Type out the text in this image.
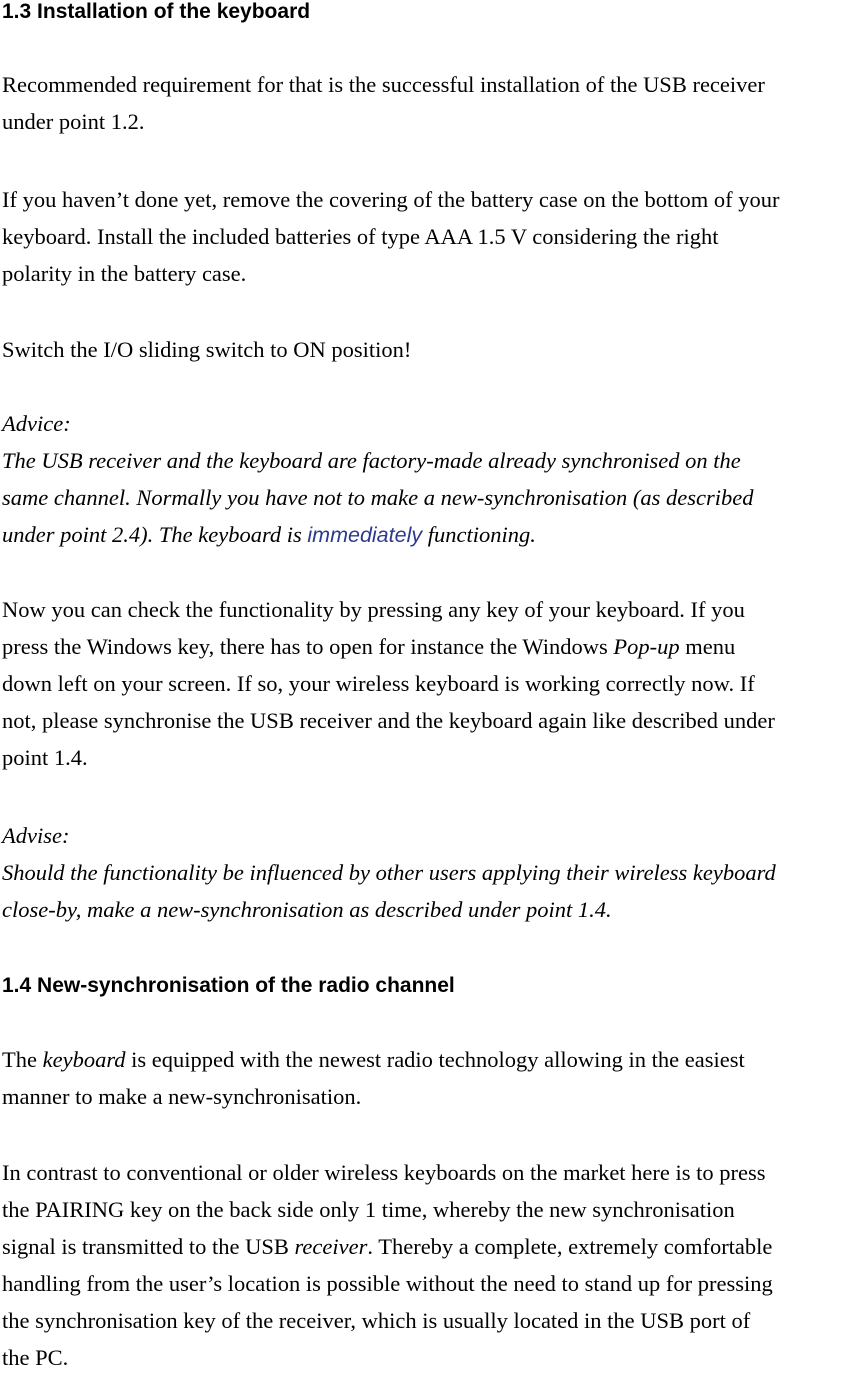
1.3 Installation of the keyboard

Recommended requirement for that is the successful installation of the USB receiver
under point 1.2.

If you haven’t done yet, remove the covering of the battery case on the bottom of your
keyboard. Install the included batteries of type AAA 1.5 V considering the right
polarity in the battery case.

Switch the I/O sliding switch to ON position!

Advice:
The USB receiver and the keyboard are factory-made already synchronised on the
same channel. Normally you have not to make a new-synchronisation (as described
under point 2.4). The keyboard is immediately functioning.

Now you can check the functionality by pressing any key of your keyboard. If you
press the Windows key, there has to open for instance the Windows Pop-up menu
down left on your screen. If so, your wireless keyboard is working correctly now. If
not, please synchronise the USB receiver and the keyboard again like described under
point 1.4.

Advise:
Should the functionality be influenced by other users applying their wireless keyboard
close-by, make a new-synchronisation as described under point 1.4.
1.4 New-synchronisation of the radio channel

The keyboard is equipped with the newest radio technology allowing in the easiest
manner to make a new-synchronisation.

In contrast to conventional or older wireless keyboards on the market here is to press
the PAIRING key on the back side only 1 time, whereby the new synchronisation
signal is transmitted to the USB receiver. Thereby a complete, extremely comfortable
handling from the user’s location is possible without the need to stand up for pressing
the synchronisation key of the receiver, which is usually located in the USB port of
the PC.
